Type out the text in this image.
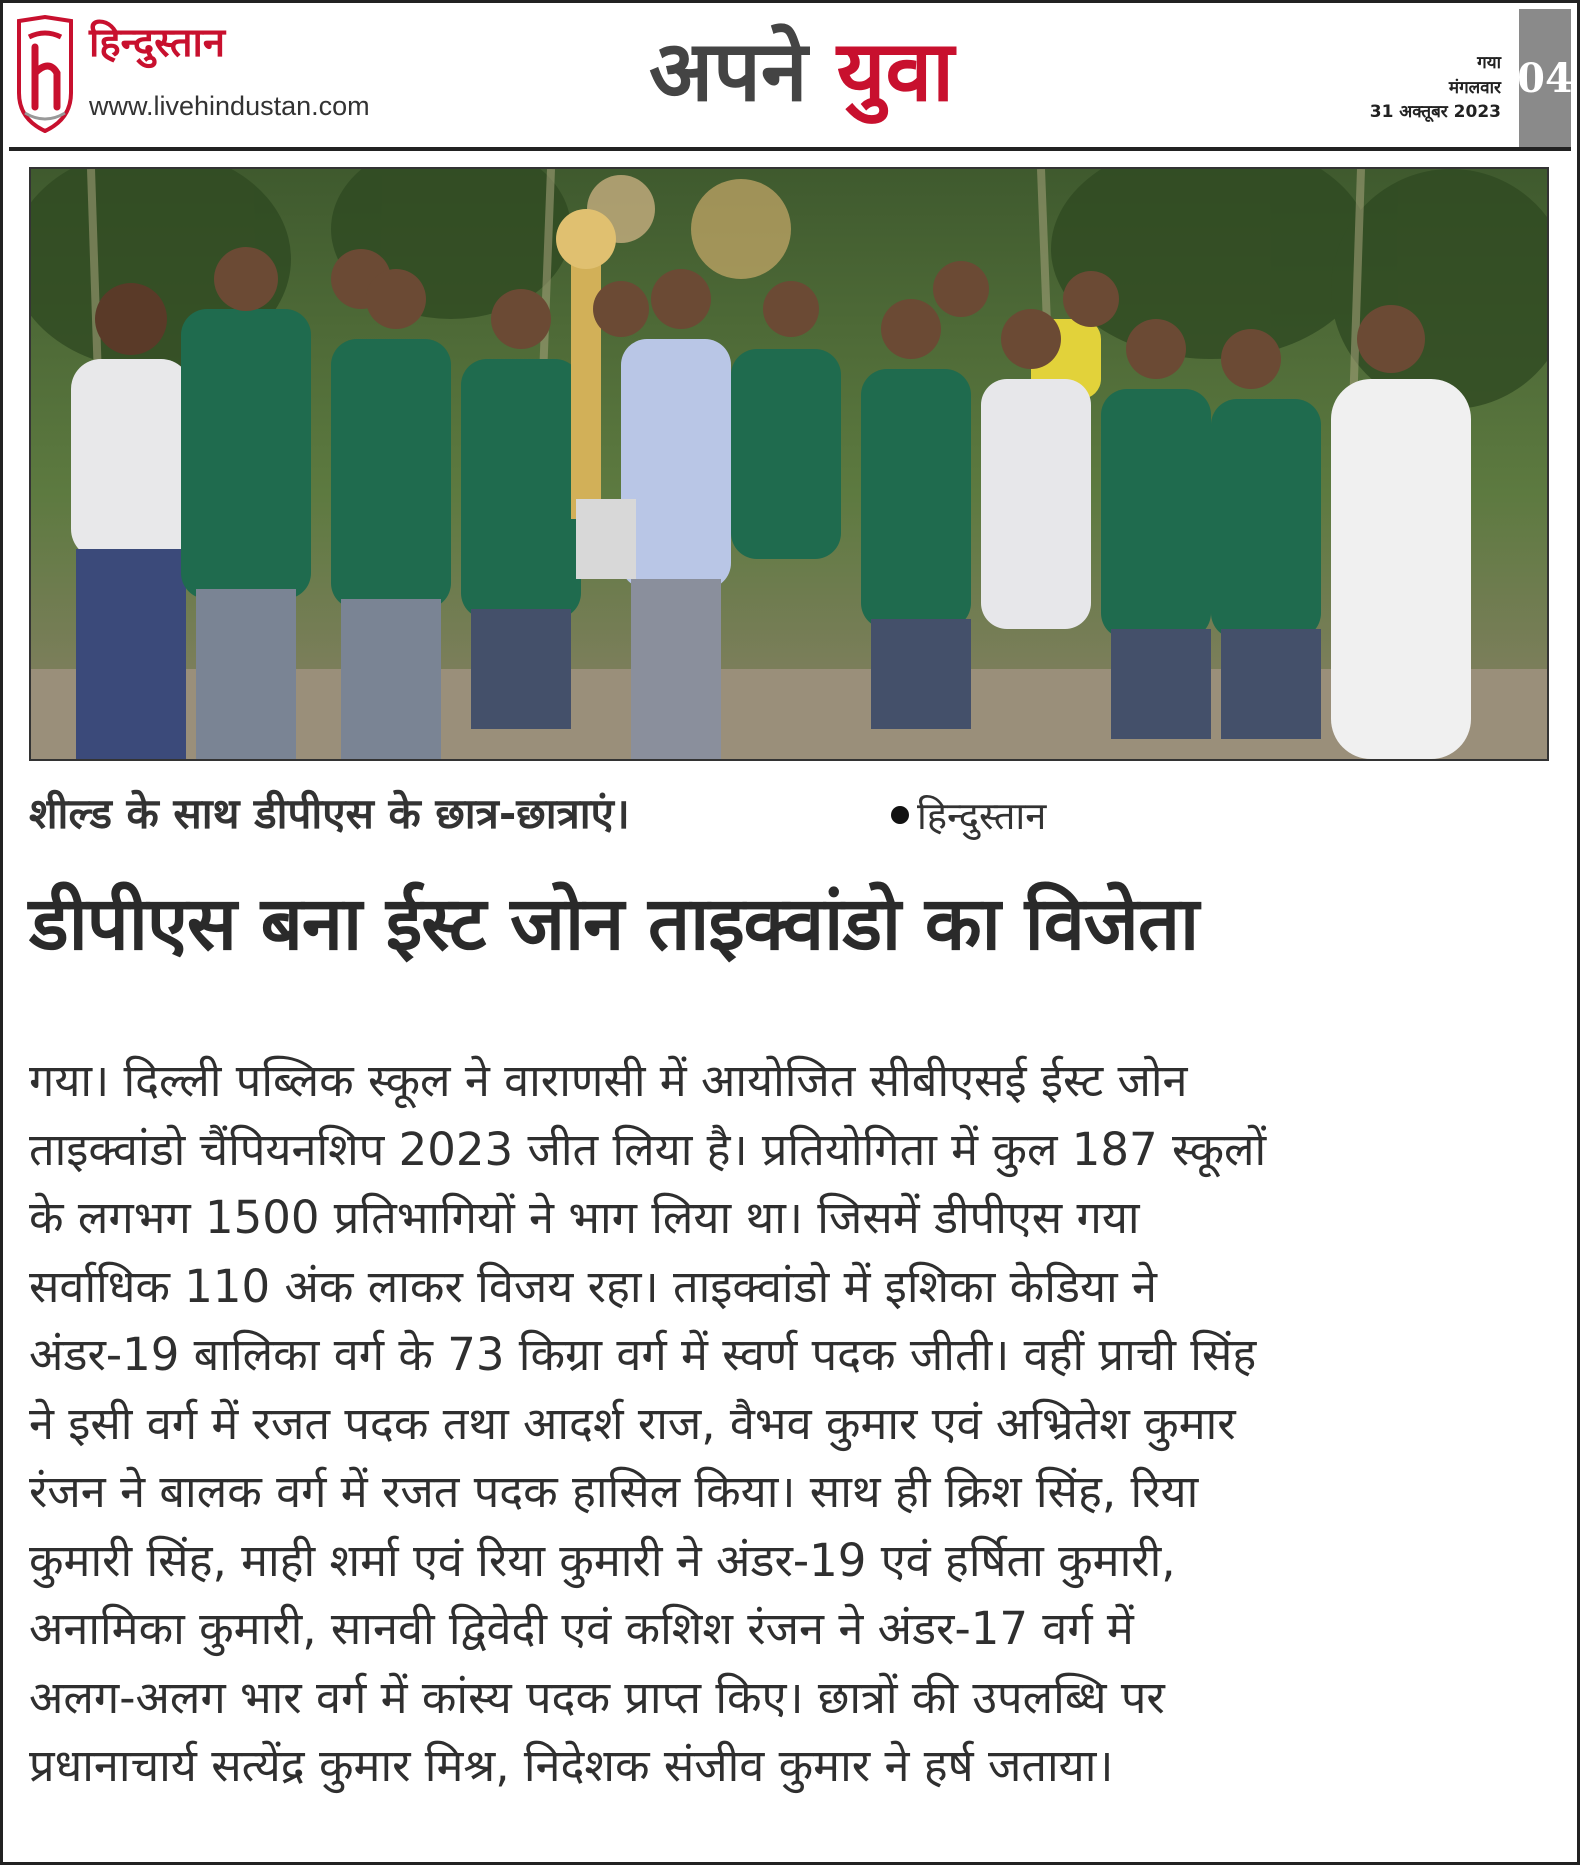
हिन्दुस्तान
www.livehindustan.com	अपने युवा	गया
मंगलवार
31 अक्तूबर 2023
04
शील्ड के साथ डीपीएस के छात्र-छात्राएं।	हिन्दुस्तान
डीपीएस बना ईस्ट जोन ताइक्वांडो का विजेता
गया। दिल्ली पब्लिक स्कूल ने वाराणसी में आयोजित सीबीएसई ईस्ट जोन
ताइक्वांडो चैंपियनशिप 2023 जीत लिया है। प्रतियोगिता में कुल 187 स्कूलों
के लगभग 1500 प्रतिभागियों ने भाग लिया था। जिसमें डीपीएस गया
सर्वाधिक 110 अंक लाकर विजय रहा। ताइक्वांडो में इशिका केडिया ने
अंडर-19 बालिका वर्ग के 73 किग्रा वर्ग में स्वर्ण पदक जीती। वहीं प्राची सिंह
ने इसी वर्ग में रजत पदक तथा आदर्श राज, वैभव कुमार एवं अभ्रितेश कुमार
रंजन ने बालक वर्ग में रजत पदक हासिल किया। साथ ही क्रिश सिंह, रिया
कुमारी सिंह, माही शर्मा एवं रिया कुमारी ने अंडर-19 एवं हर्षिता कुमारी,
अनामिका कुमारी, सानवी द्विवेदी एवं कशिश रंजन ने अंडर-17 वर्ग में
अलग-अलग भार वर्ग में कांस्य पदक प्राप्त किए। छात्रों की उपलब्धि पर
प्रधानाचार्य सत्येंद्र कुमार मिश्र, निदेशक संजीव कुमार ने हर्ष जताया।
